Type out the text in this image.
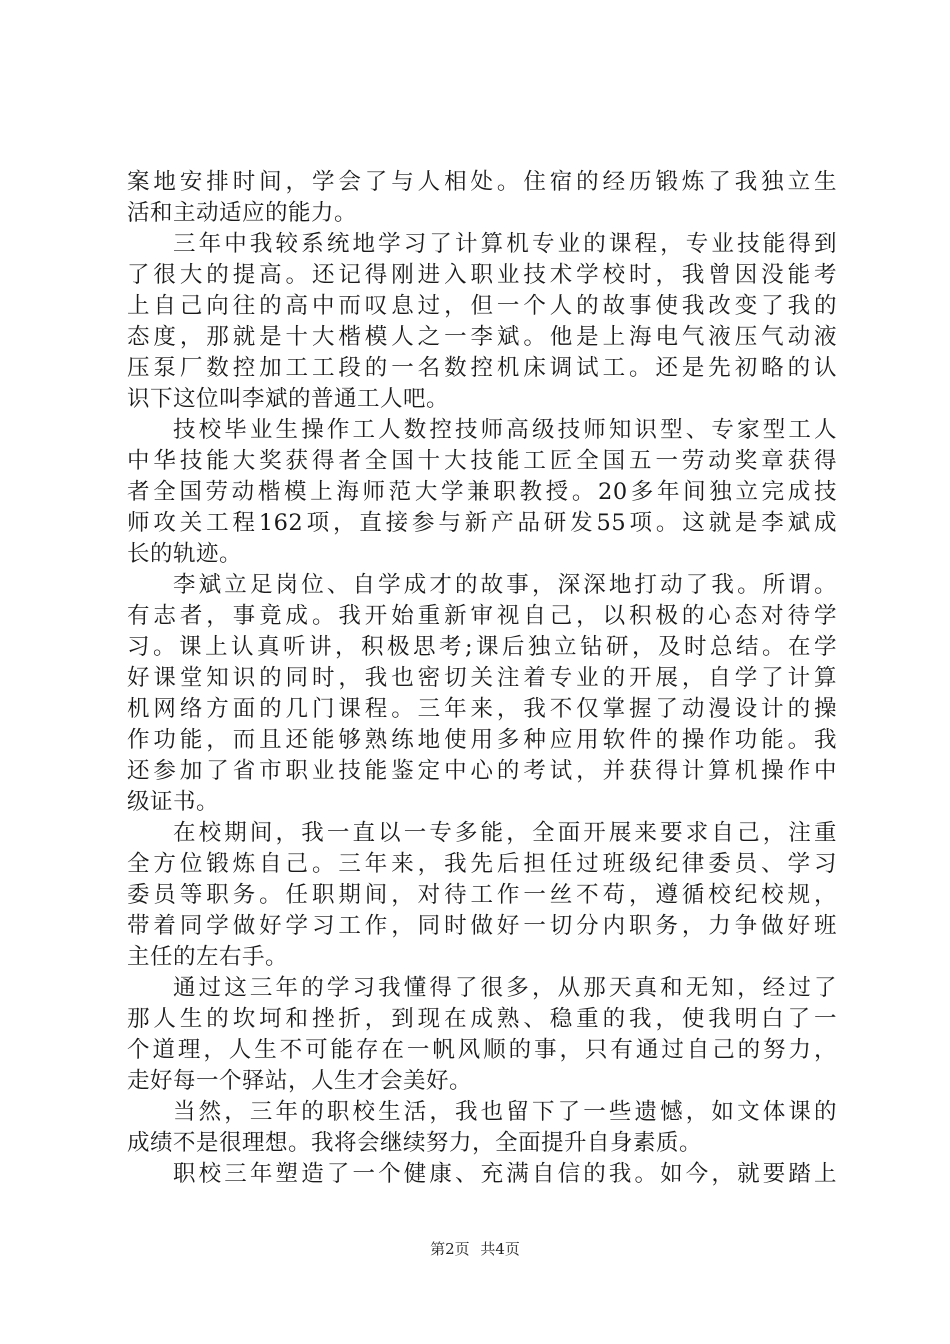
案地安排时间，学会了与人相处。住宿的经历锻炼了我独立生
活和主动适应的能力。
三年中我较系统地学习了计算机专业的课程，专业技能得到
了很大的提高。还记得刚进入职业技术学校时，我曾因没能考
上自己向往的高中而叹息过，但一个人的故事使我改变了我的
态度，那就是十大楷模人之一李斌。他是上海电气液压气动液
压泵厂数控加工工段的一名数控机床调试工。还是先初略的认
识下这位叫李斌的普通工人吧。
技校毕业生操作工人数控技师高级技师知识型、专家型工人
中华技能大奖获得者全国十大技能工匠全国五一劳动奖章获得
者全国劳动楷模上海师范大学兼职教授。20多年间独立完成技
师攻关工程162项，直接参与新产品研发55项。这就是李斌成
长的轨迹。
李斌立足岗位、自学成才的故事，深深地打动了我。所谓。
有志者，事竟成。我开始重新审视自己，以积极的心态对待学
习。课上认真听讲，积极思考;课后独立钻研，及时总结。在学
好课堂知识的同时，我也密切关注着专业的开展，自学了计算
机网络方面的几门课程。三年来，我不仅掌握了动漫设计的操
作功能，而且还能够熟练地使用多种应用软件的操作功能。我
还参加了省市职业技能鉴定中心的考试，并获得计算机操作中
级证书。
在校期间，我一直以一专多能，全面开展来要求自己，注重
全方位锻炼自己。三年来，我先后担任过班级纪律委员、学习
委员等职务。任职期间，对待工作一丝不苟，遵循校纪校规，
带着同学做好学习工作，同时做好一切分内职务，力争做好班
主任的左右手。
通过这三年的学习我懂得了很多，从那天真和无知，经过了
那人生的坎坷和挫折，到现在成熟、稳重的我，使我明白了一
个道理，人生不可能存在一帆风顺的事，只有通过自己的努力，
走好每一个驿站，人生才会美好。
当然，三年的职校生活，我也留下了一些遗憾，如文体课的
成绩不是很理想。我将会继续努力，全面提升自身素质。
职校三年塑造了一个健康、充满自信的我。如今，就要踏上
第2页 共4页
